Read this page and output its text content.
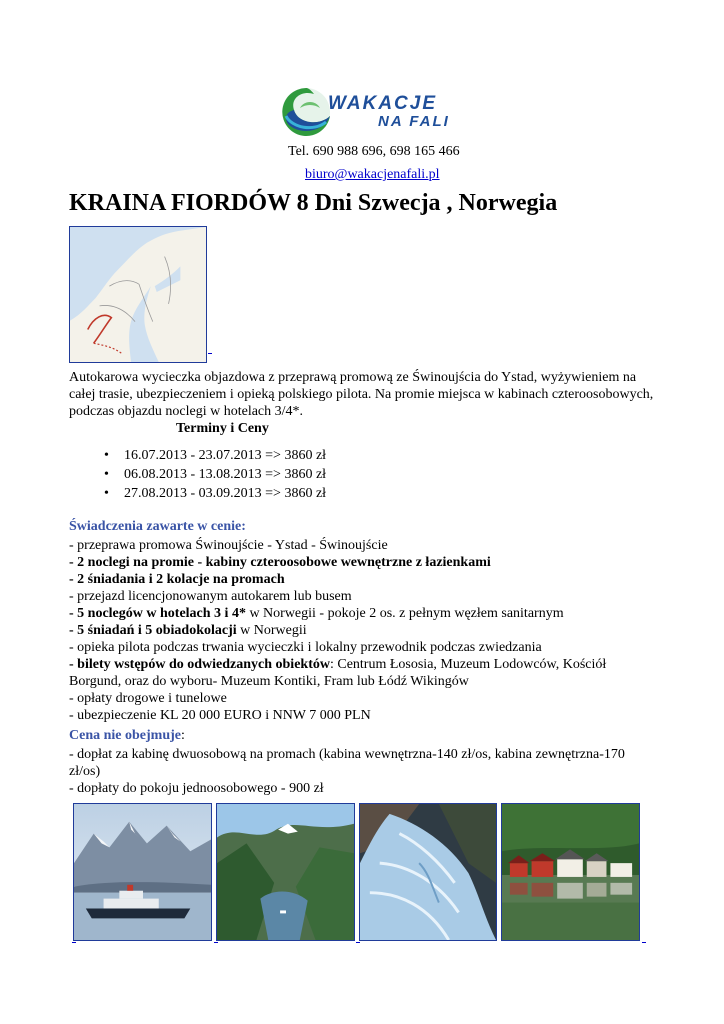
WAKACJE
NA FALI
Tel. 690 988 696, 698 165 466
biuro@wakacjenafali.pl
KRAINA FIORDÓW 8 Dni Szwecja , Norwegia
Autokarowa wycieczka objazdowa z przeprawą promową ze Świnoujścia do Ystad, wyżywieniem na całej trasie, ubezpieczeniem i opieką polskiego pilota. Na promie miejsca w kabinach czteroosobowych, podczas objazdu noclegi w hotelach 3/4*.
Terminy i Ceny
• 16.07.2013 - 23.07.2013 => 3860 zł
• 06.08.2013 - 13.08.2013 => 3860 zł
• 27.08.2013 - 03.09.2013 => 3860 zł
Świadczenia zawarte w cenie:
- przeprawa promowa Świnoujście - Ystad - Świnoujście
- 2 noclegi na promie - kabiny czteroosobowe wewnętrzne z łazienkami
- 2 śniadania i 2 kolacje na promach
- przejazd licencjonowanym autokarem lub busem
- 5 noclegów w hotelach 3 i 4* w Norwegii - pokoje 2 os. z pełnym węzłem sanitarnym
- 5 śniadań i 5 obiadokolacji w Norwegii
- opieka pilota podczas trwania wycieczki i lokalny przewodnik podczas zwiedzania
- bilety wstępów do odwiedzanych obiektów: Centrum Łososia, Muzeum Lodowców, Kościół Borgund, oraz do wyboru- Muzeum Kontiki, Fram lub Łódź Wikingów
- opłaty drogowe i tunelowe
- ubezpieczenie KL 20 000 EURO i NNW 7 000 PLN
Cena nie obejmuje:
- dopłat za kabinę dwuosobową na promach (kabina wewnętrzna-140 zł/os, kabina zewnętrzna-170 zł/os)
- dopłaty do pokoju jednoosobowego - 900 zł
